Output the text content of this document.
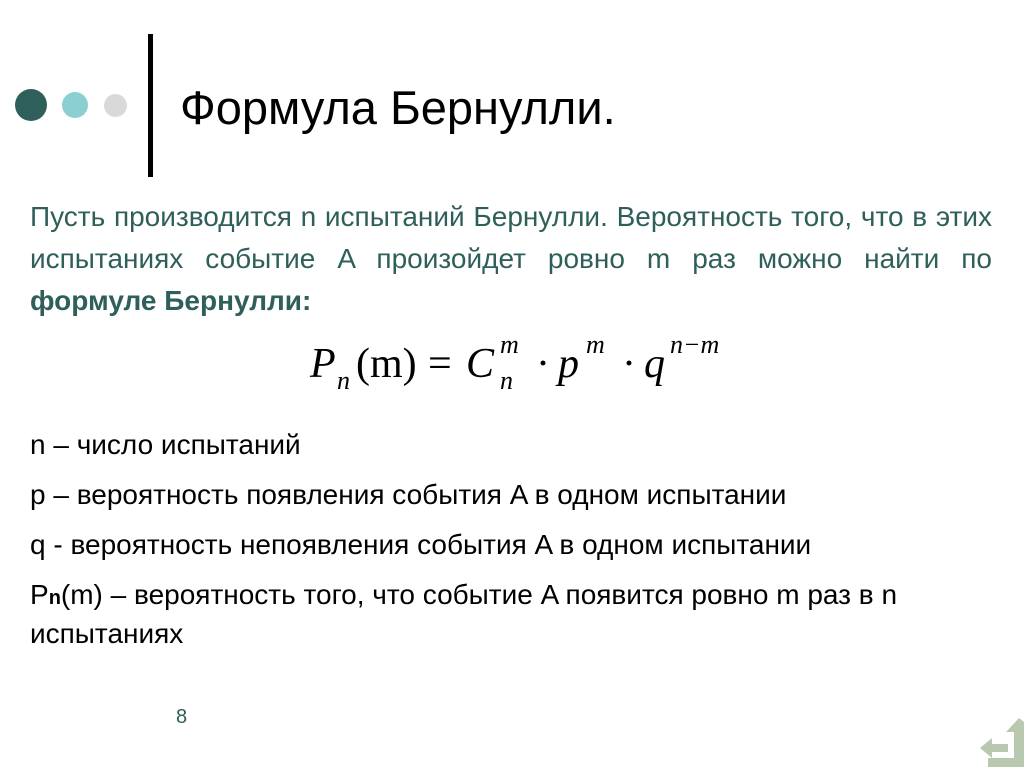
Формула Бернулли.
Пусть производится n испытаний Бернулли. Вероятность того, что в этих испытаниях событие A произойдет ровно m раз можно найти по формуле Бернулли:
P n (m) = C m
n · p m · q n−m
n – число испытаний
p – вероятность появления события A в одном испытании
q - вероятность непоявления события A в одном испытании
Pn(m) – вероятность того, что событие A появится ровно m раз в n испытаниях
8
